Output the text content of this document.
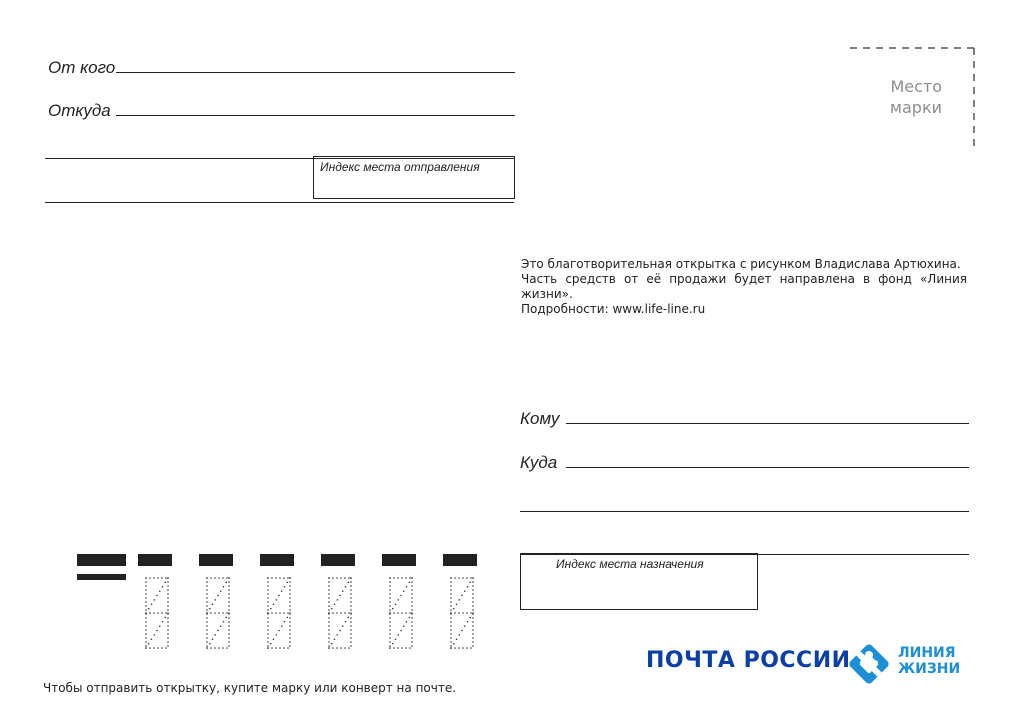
От кого
Откуда
Индекс места отправления
Место
марки

Это благотворительная открытка с рисунком Владислава Артюхина.

Часть средств от её продажи будет направлена в фонд «Линия жизни».

Подробности: www.life-line.ru

Кому
Куда
Индекс места назначения
Чтобы отправить открытку, купите марку или конверт на почте.
ПОЧТА РОССИИ	ЛИНИЯ
ЖИЗНИ
